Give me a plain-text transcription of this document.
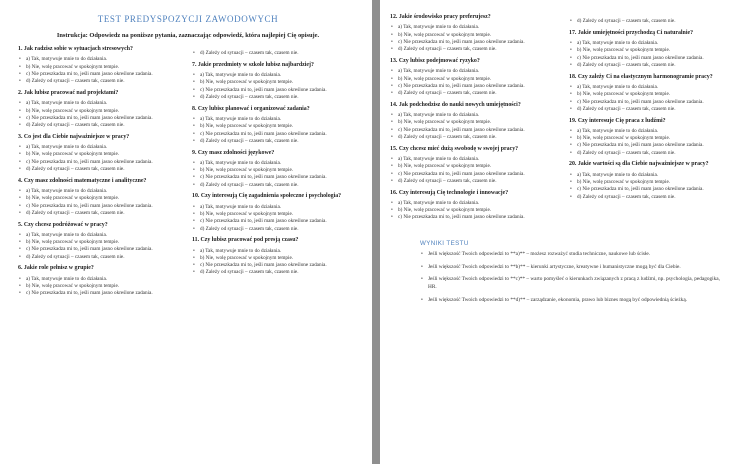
TEST PREDYSPOZYCJI ZAWODOWYCH

Instrukcja: Odpowiedz na poniższe pytania, zaznaczając odpowiedź, która najlepiej Cię opisuje.

1. Jak radzisz sobie w sytuacjach stresowych?

• a) Tak, motywuje mnie to do działania.
• b) Nie, wolę pracować w spokojnym tempie.
• c) Nie przeszkadza mi to, jeśli mam jasno określone zadania.
• d) Zależy od sytuacji – czasem tak, czasem nie.

2. Jak lubisz pracować nad projektami?

• a) Tak, motywuje mnie to do działania.
• b) Nie, wolę pracować w spokojnym tempie.
• c) Nie przeszkadza mi to, jeśli mam jasno określone zadania.
• d) Zależy od sytuacji – czasem tak, czasem nie.

3. Co jest dla Ciebie najważniejsze w pracy?

• a) Tak, motywuje mnie to do działania.
• b) Nie, wolę pracować w spokojnym tempie.
• c) Nie przeszkadza mi to, jeśli mam jasno określone zadania.
• d) Zależy od sytuacji – czasem tak, czasem nie.

4. Czy masz zdolności matematyczne i analityczne?

• a) Tak, motywuje mnie to do działania.
• b) Nie, wolę pracować w spokojnym tempie.
• c) Nie przeszkadza mi to, jeśli mam jasno określone zadania.
• d) Zależy od sytuacji – czasem tak, czasem nie.

5. Czy chcesz podróżować w pracy?

• a) Tak, motywuje mnie to do działania.
• b) Nie, wolę pracować w spokojnym tempie.
• c) Nie przeszkadza mi to, jeśli mam jasno określone zadania.
• d) Zależy od sytuacji – czasem tak, czasem nie.

6. Jakie role pełnisz w grupie?

• a) Tak, motywuje mnie to do działania.
• b) Nie, wolę pracować w spokojnym tempie.
• c) Nie przeszkadza mi to, jeśli mam jasno określone zadania.
• d) Zależy od sytuacji – czasem tak, czasem nie.

7. Jakie przedmioty w szkole lubisz najbardziej?

• a) Tak, motywuje mnie to do działania.
• b) Nie, wolę pracować w spokojnym tempie.
• c) Nie przeszkadza mi to, jeśli mam jasno określone zadania.
• d) Zależy od sytuacji – czasem tak, czasem nie.

8. Czy lubisz planować i organizować zadania?

• a) Tak, motywuje mnie to do działania.
• b) Nie, wolę pracować w spokojnym tempie.
• c) Nie przeszkadza mi to, jeśli mam jasno określone zadania.
• d) Zależy od sytuacji – czasem tak, czasem nie.

9. Czy masz zdolności językowe?

• a) Tak, motywuje mnie to do działania.
• b) Nie, wolę pracować w spokojnym tempie.
• c) Nie przeszkadza mi to, jeśli mam jasno określone zadania.
• d) Zależy od sytuacji – czasem tak, czasem nie.

10. Czy interesują Cię zagadnienia społeczne i psychologia?

• a) Tak, motywuje mnie to do działania.
• b) Nie, wolę pracować w spokojnym tempie.
• c) Nie przeszkadza mi to, jeśli mam jasno określone zadania.
• d) Zależy od sytuacji – czasem tak, czasem nie.

11. Czy lubisz pracować pod presją czasu?

• a) Tak, motywuje mnie to do działania.
• b) Nie, wolę pracować w spokojnym tempie.
• c) Nie przeszkadza mi to, jeśli mam jasno określone zadania.
• d) Zależy od sytuacji – czasem tak, czasem nie.

12. Jakie środowisko pracy preferujesz?

• a) Tak, motywuje mnie to do działania.
• b) Nie, wolę pracować w spokojnym tempie.
• c) Nie przeszkadza mi to, jeśli mam jasno określone zadania.
• d) Zależy od sytuacji – czasem tak, czasem nie.

13. Czy lubisz podejmować ryzyko?

• a) Tak, motywuje mnie to do działania.
• b) Nie, wolę pracować w spokojnym tempie.
• c) Nie przeszkadza mi to, jeśli mam jasno określone zadania.
• d) Zależy od sytuacji – czasem tak, czasem nie.

14. Jak podchodzisz do nauki nowych umiejętności?

• a) Tak, motywuje mnie to do działania.
• b) Nie, wolę pracować w spokojnym tempie.
• c) Nie przeszkadza mi to, jeśli mam jasno określone zadania.
• d) Zależy od sytuacji – czasem tak, czasem nie.

15. Czy chcesz mieć dużą swobodę w swojej pracy?

• a) Tak, motywuje mnie to do działania.
• b) Nie, wolę pracować w spokojnym tempie.
• c) Nie przeszkadza mi to, jeśli mam jasno określone zadania.
• d) Zależy od sytuacji – czasem tak, czasem nie.

16. Czy interesują Cię technologie i innowacje?

• a) Tak, motywuje mnie to do działania.
• b) Nie, wolę pracować w spokojnym tempie.
• c) Nie przeszkadza mi to, jeśli mam jasno określone zadania.
• d) Zależy od sytuacji – czasem tak, czasem nie.

17. Jakie umiejętności przychodzą Ci naturalnie?

• a) Tak, motywuje mnie to do działania.
• b) Nie, wolę pracować w spokojnym tempie.
• c) Nie przeszkadza mi to, jeśli mam jasno określone zadania.
• d) Zależy od sytuacji – czasem tak, czasem nie.

18. Czy zależy Ci na elastycznym harmonogramie pracy?

• a) Tak, motywuje mnie to do działania.
• b) Nie, wolę pracować w spokojnym tempie.
• c) Nie przeszkadza mi to, jeśli mam jasno określone zadania.
• d) Zależy od sytuacji – czasem tak, czasem nie.

19. Czy interesuje Cię praca z ludźmi?

• a) Tak, motywuje mnie to do działania.
• b) Nie, wolę pracować w spokojnym tempie.
• c) Nie przeszkadza mi to, jeśli mam jasno określone zadania.
• d) Zależy od sytuacji – czasem tak, czasem nie.

20. Jakie wartości są dla Ciebie najważniejsze w pracy?

• a) Tak, motywuje mnie to do działania.
• b) Nie, wolę pracować w spokojnym tempie.
• c) Nie przeszkadza mi to, jeśli mam jasno określone zadania.
• d) Zależy od sytuacji – czasem tak, czasem nie.
WYNIKI TESTU
• Jeśli większość Twoich odpowiedzi to **a)** – możesz rozważyć studia techniczne, naukowe lub ścisłe.
• Jeśli większość Twoich odpowiedzi to **b)** – kierunki artystyczne, kreatywne i humanistyczne mogą być dla Ciebie.
• Jeśli większość Twoich odpowiedzi to **c)** – warto pomyśleć o kierunkach związanych z pracą z ludźmi, np. psychologia, pedagogika, HR.
• Jeśli większość Twoich odpowiedzi to **d)** – zarządzanie, ekonomia, prawo lub biznes mogą być odpowiednią ścieżką.
